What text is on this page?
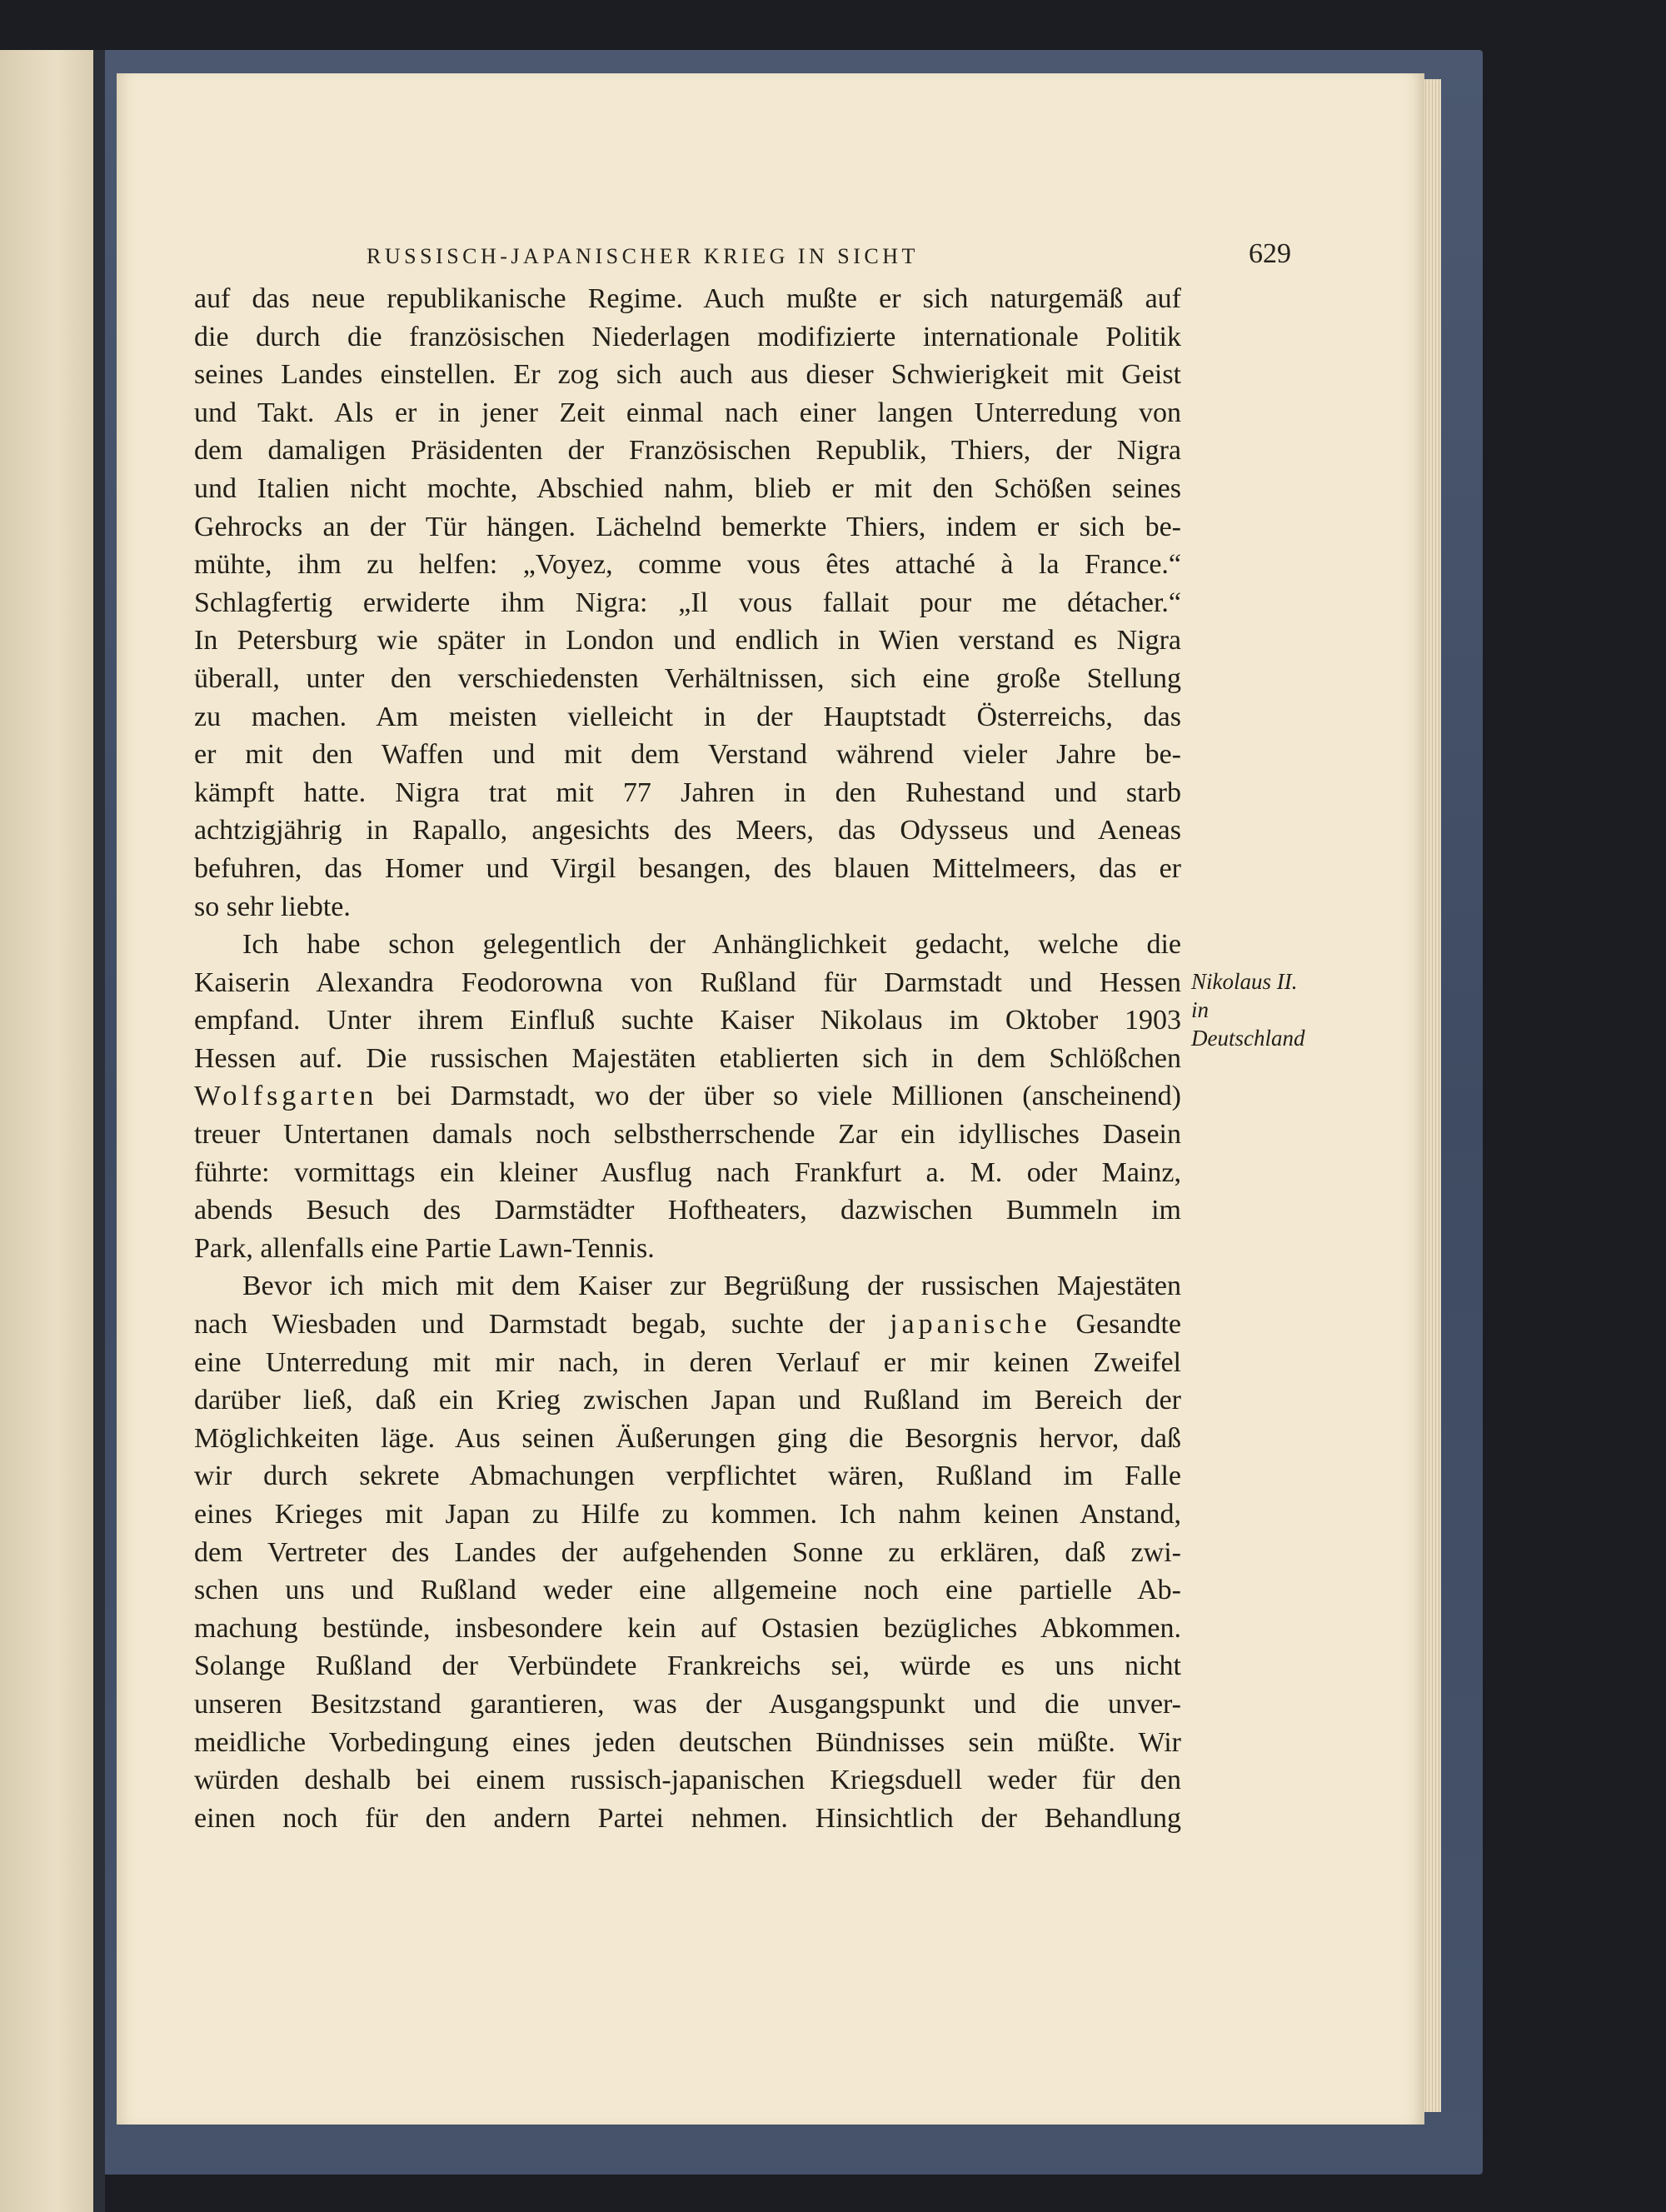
RUSSISCH-JAPANISCHER KRIEG IN SICHT	629
auf das neue republikanische Regime. Auch mußte er sich naturgemäß auf
die durch die französischen Niederlagen modifizierte internationale Politik
seines Landes einstellen. Er zog sich auch aus dieser Schwierigkeit mit Geist
und Takt. Als er in jener Zeit einmal nach einer langen Unterredung von
dem damaligen Präsidenten der Französischen Republik, Thiers, der Nigra
und Italien nicht mochte, Abschied nahm, blieb er mit den Schößen seines
Gehrocks an der Tür hängen. Lächelnd bemerkte Thiers, indem er sich be-
mühte, ihm zu helfen: „Voyez, comme vous êtes attaché à la France.“
Schlagfertig erwiderte ihm Nigra: „Il vous fallait pour me détacher.“
In Petersburg wie später in London und endlich in Wien verstand es Nigra
überall, unter den verschiedensten Verhältnissen, sich eine große Stellung
zu machen. Am meisten vielleicht in der Hauptstadt Österreichs, das
er mit den Waffen und mit dem Verstand während vieler Jahre be-
kämpft hatte. Nigra trat mit 77 Jahren in den Ruhestand und starb
achtzigjährig in Rapallo, angesichts des Meers, das Odysseus und Aeneas
befuhren, das Homer und Virgil besangen, des blauen Mittelmeers, das er
so sehr liebte.
Ich habe schon gelegentlich der Anhänglichkeit gedacht, welche die
Kaiserin Alexandra Feodorowna von Rußland für Darmstadt und Hessen
empfand. Unter ihrem Einfluß suchte Kaiser Nikolaus im Oktober 1903
Hessen auf. Die russischen Majestäten etablierten sich in dem Schlößchen
Wolfsgarten bei Darmstadt, wo der über so viele Millionen (anscheinend)
treuer Untertanen damals noch selbstherrschende Zar ein idyllisches Dasein
führte: vormittags ein kleiner Ausflug nach Frankfurt a. M. oder Mainz,
abends Besuch des Darmstädter Hoftheaters, dazwischen Bummeln im
Park, allenfalls eine Partie Lawn-Tennis.
Bevor ich mich mit dem Kaiser zur Begrüßung der russischen Majestäten
nach Wiesbaden und Darmstadt begab, suchte der japanische Gesandte
eine Unterredung mit mir nach, in deren Verlauf er mir keinen Zweifel
darüber ließ, daß ein Krieg zwischen Japan und Rußland im Bereich der
Möglichkeiten läge. Aus seinen Äußerungen ging die Besorgnis hervor, daß
wir durch sekrete Abmachungen verpflichtet wären, Rußland im Falle
eines Krieges mit Japan zu Hilfe zu kommen. Ich nahm keinen Anstand,
dem Vertreter des Landes der aufgehenden Sonne zu erklären, daß zwi-
schen uns und Rußland weder eine allgemeine noch eine partielle Ab-
machung bestünde, insbesondere kein auf Ostasien bezügliches Abkommen.
Solange Rußland der Verbündete Frankreichs sei, würde es uns nicht
unseren Besitzstand garantieren, was der Ausgangspunkt und die unver-
meidliche Vorbedingung eines jeden deutschen Bündnisses sein müßte. Wir
würden deshalb bei einem russisch-japanischen Kriegsduell weder für den
einen noch für den andern Partei nehmen. Hinsichtlich der Behandlung
Nikolaus II.
in
Deutschland
